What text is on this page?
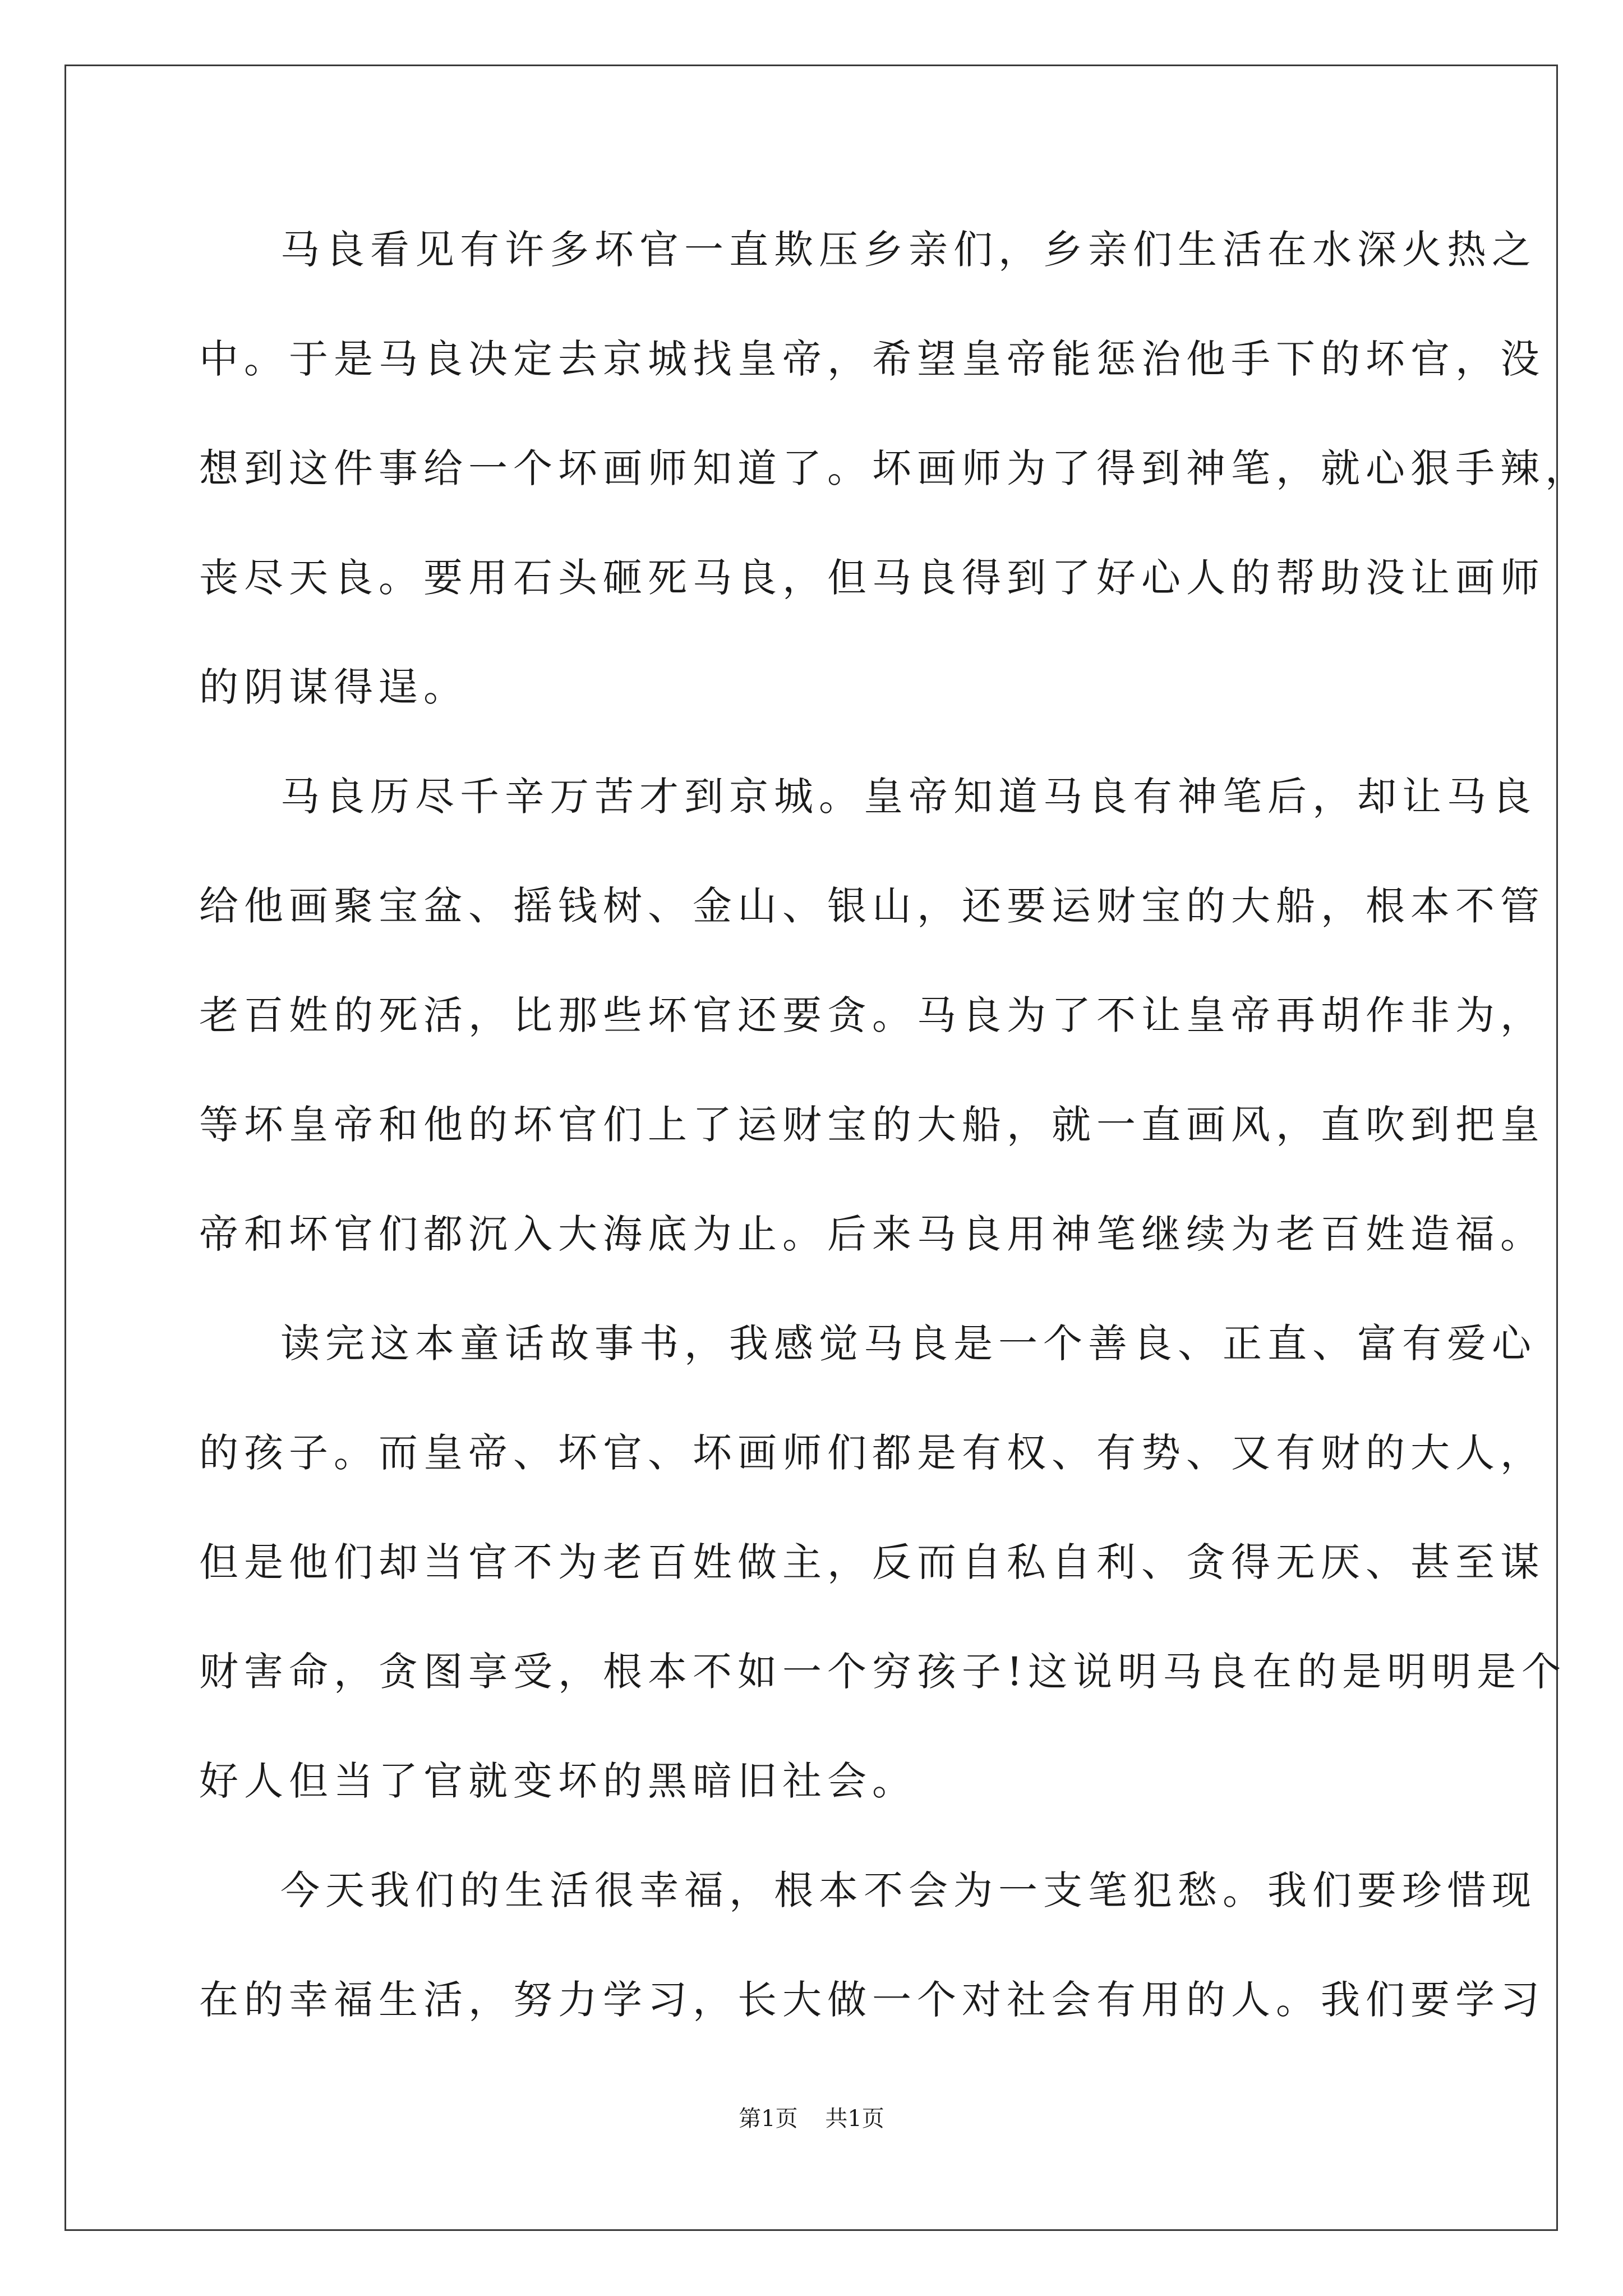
马良看见有许多坏官一直欺压乡亲们，乡亲们生活在水深火热之
中。于是马良决定去京城找皇帝，希望皇帝能惩治他手下的坏官，没
想到这件事给一个坏画师知道了。坏画师为了得到神笔，就心狠手辣，
丧尽天良。要用石头砸死马良，但马良得到了好心人的帮助没让画师
的阴谋得逞。
马良历尽千辛万苦才到京城。皇帝知道马良有神笔后，却让马良
给他画聚宝盆、摇钱树、金山、银山，还要运财宝的大船，根本不管
老百姓的死活，比那些坏官还要贪。马良为了不让皇帝再胡作非为，
等坏皇帝和他的坏官们上了运财宝的大船，就一直画风，直吹到把皇
帝和坏官们都沉入大海底为止。后来马良用神笔继续为老百姓造福。
读完这本童话故事书，我感觉马良是一个善良、正直、富有爱心
的孩子。而皇帝、坏官、坏画师们都是有权、有势、又有财的大人，
但是他们却当官不为老百姓做主，反而自私自利、贪得无厌、甚至谋
财害命，贪图享受，根本不如一个穷孩子!这说明马良在的是明明是个
好人但当了官就变坏的黑暗旧社会。
今天我们的生活很幸福，根本不会为一支笔犯愁。我们要珍惜现
在的幸福生活，努力学习，长大做一个对社会有用的人。我们要学习
第1页 共1页
